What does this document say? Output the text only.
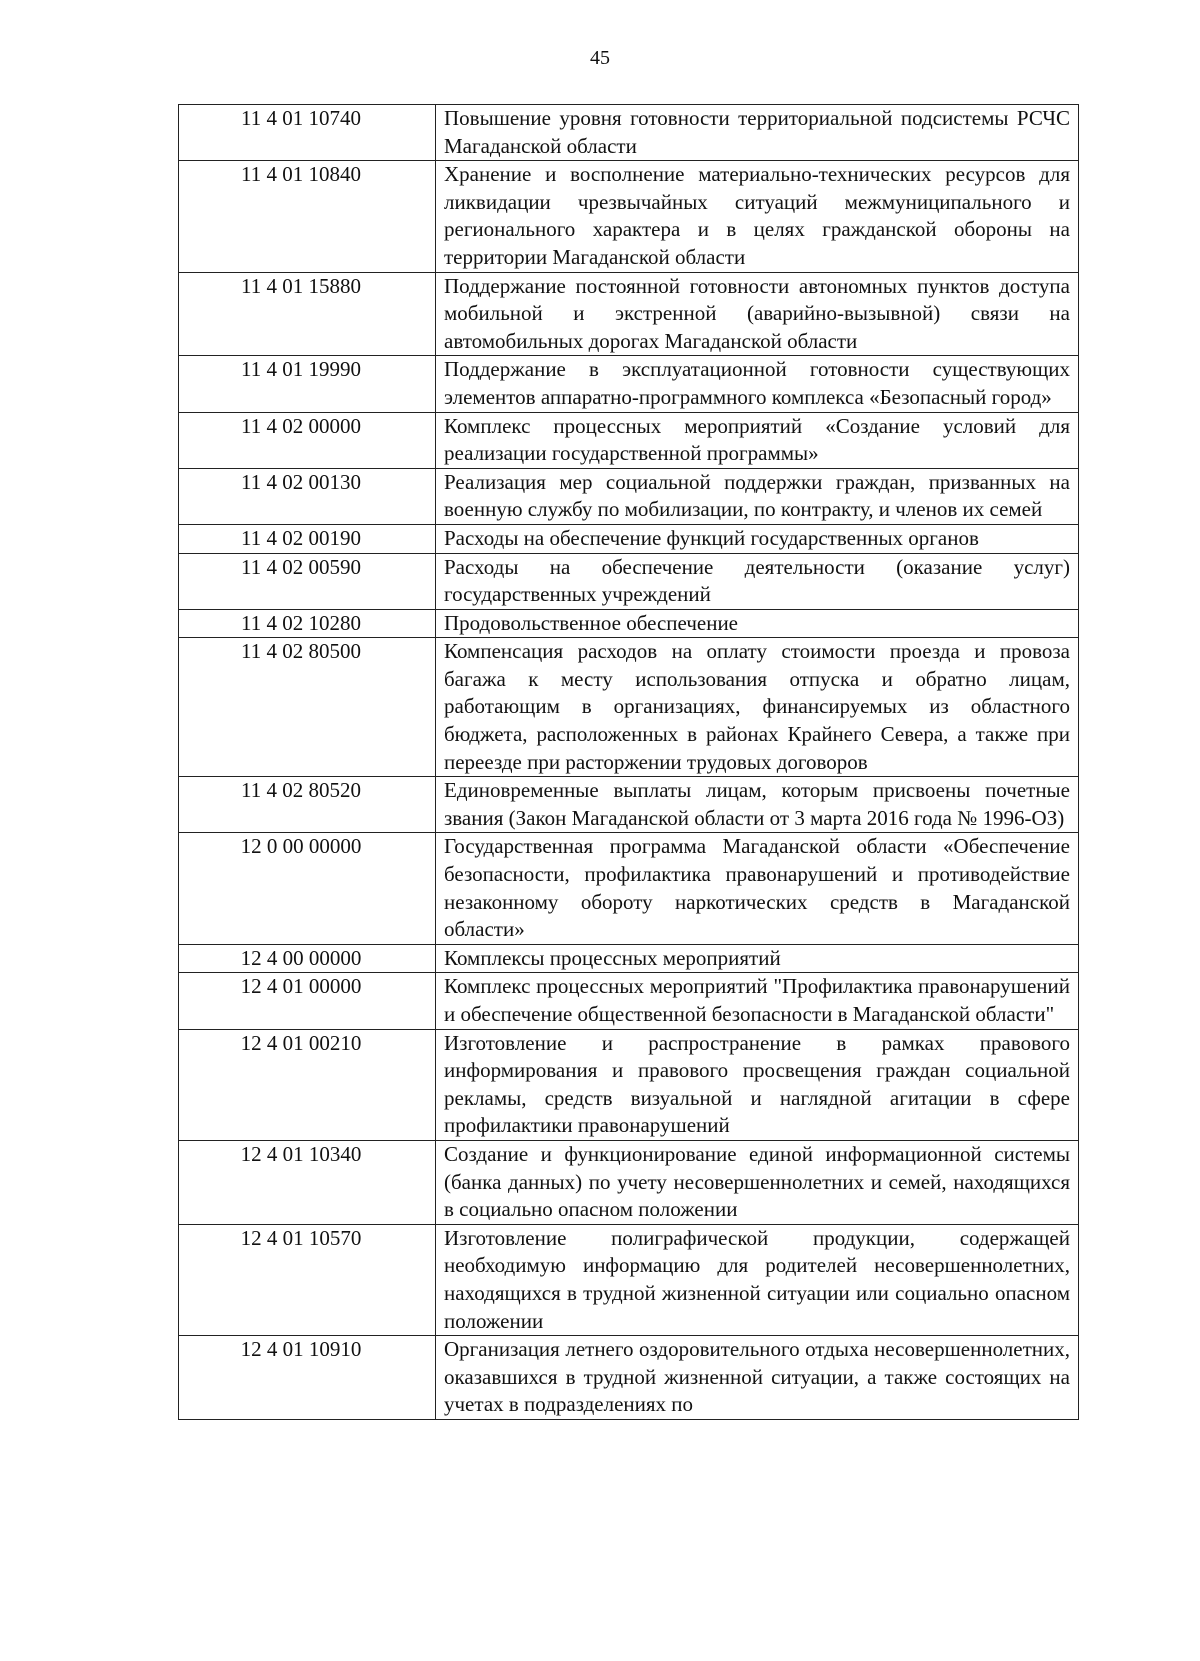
45
11 4 01 10740	Повышение уровня готовности территориальной подсистемы РСЧС Магаданской области
11 4 01 10840	Хранение и восполнение материально-технических ресурсов для ликвидации чрезвычайных ситуаций межмуниципального и регионального характера и в целях гражданской обороны на территории Магаданской области
11 4 01 15880	Поддержание постоянной готовности автономных пунктов доступа мобильной и экстренной (аварийно-вызывной) связи на автомобильных дорогах Магаданской области
11 4 01 19990	Поддержание в эксплуатационной готовности существующих элементов аппаратно-программного комплекса «Безопасный город»
11 4 02 00000	Комплекс процессных мероприятий «Создание условий для реализации государственной программы»
11 4 02 00130	Реализация мер социальной поддержки граждан, призванных на военную службу по мобилизации, по контракту, и членов их семей
11 4 02 00190	Расходы на обеспечение функций государственных органов
11 4 02 00590	Расходы на обеспечение деятельности (оказание услуг) государственных учреждений
11 4 02 10280	Продовольственное обеспечение
11 4 02 80500	Компенсация расходов на оплату стоимости проезда и провоза багажа к месту использования отпуска и обратно лицам, работающим в организациях, финансируемых из областного бюджета, расположенных в районах Крайнего Севера, а также при переезде при расторжении трудовых договоров
11 4 02 80520	Единовременные выплаты лицам, которым присвоены почетные звания (Закон Магаданской области от 3 марта 2016 года № 1996-ОЗ)
12 0 00 00000	Государственная программа Магаданской области «Обеспечение безопасности, профилактика правонарушений и противодействие незаконному обороту наркотических средств в Магаданской области»
12 4 00 00000	Комплексы процессных мероприятий
12 4 01 00000	Комплекс процессных мероприятий "Профилактика правонарушений и обеспечение общественной безопасности в Магаданской области"
12 4 01 00210	Изготовление и распространение в рамках правового информирования и правового просвещения граждан социальной рекламы, средств визуальной и наглядной агитации в сфере профилактики правонарушений
12 4 01 10340	Создание и функционирование единой информационной системы (банка данных) по учету несовершеннолетних и семей, находящихся в социально опасном положении
12 4 01 10570	Изготовление полиграфической продукции, содержащей необходимую информацию для родителей несовершеннолетних, находящихся в трудной жизненной ситуации или социально опасном положении
12 4 01 10910	Организация летнего оздоровительного отдыха несовершеннолетних, оказавшихся в трудной жизненной ситуации, а также состоящих на учетах в подразделениях по
